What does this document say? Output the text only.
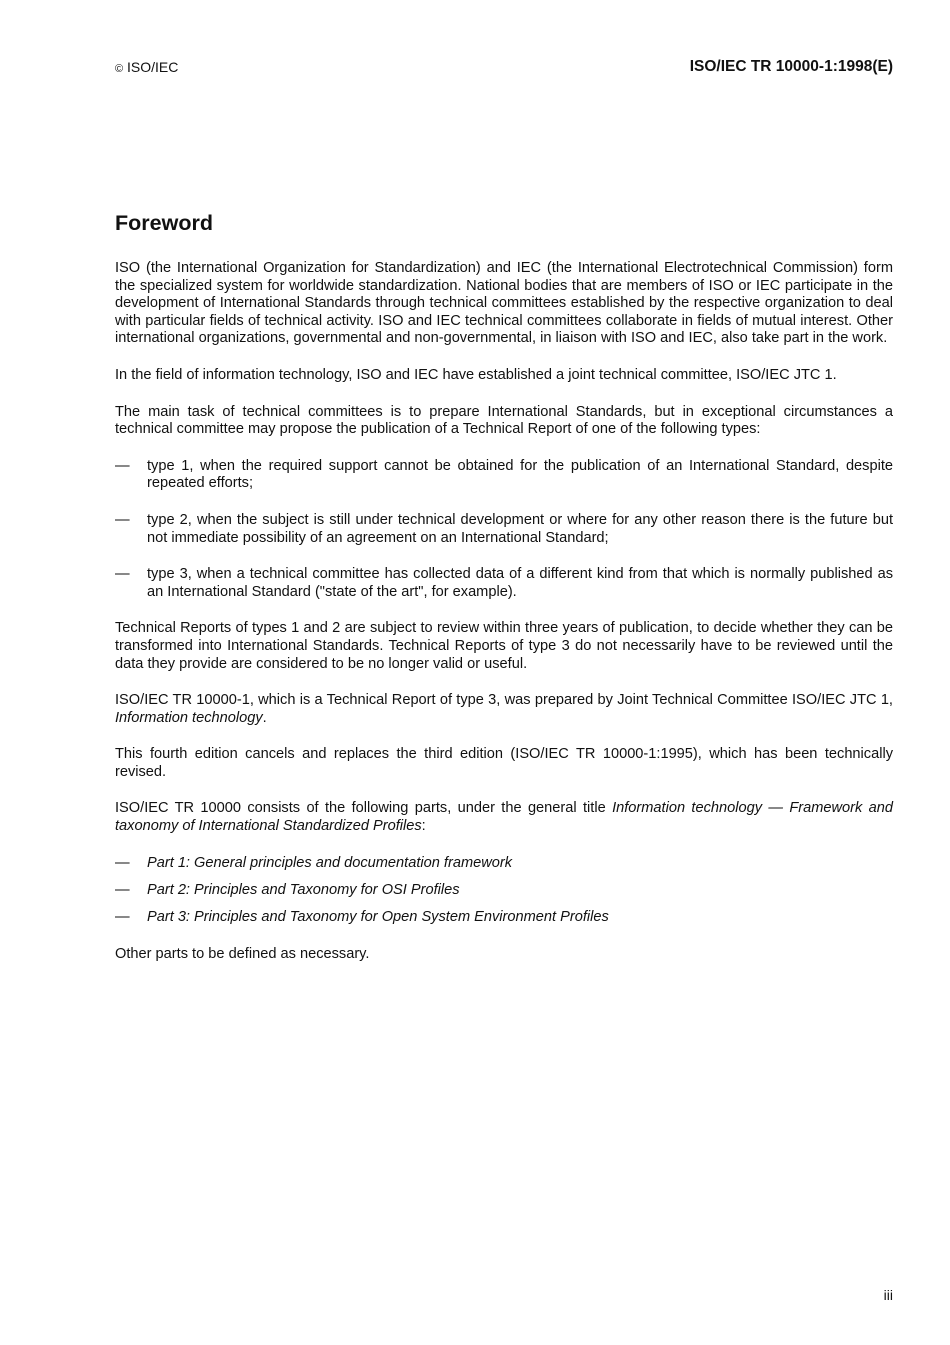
© ISO/IEC	ISO/IEC TR 10000-1:1998(E)
Foreword

ISO (the International Organization for Standardization) and IEC (the International Electrotechnical Commission) form the specialized system for worldwide standardization. National bodies that are members of ISO or IEC participate in the development of International Standards through technical committees established by the respective organization to deal with particular fields of technical activity. ISO and IEC technical committees collaborate in fields of mutual interest. Other international organizations, governmental and non-governmental, in liaison with ISO and IEC, also take part in the work.

In the field of information technology, ISO and IEC have established a joint technical committee, ISO/IEC JTC 1.

The main task of technical committees is to prepare International Standards, but in exceptional circumstances a technical committee may propose the publication of a Technical Report of one of the following types:

—	type 1, when the required support cannot be obtained for the publication of an International Standard, despite repeated efforts;
—	type 2, when the subject is still under technical development or where for any other reason there is the future but not immediate possibility of an agreement on an International Standard;
—	type 3, when a technical committee has collected data of a different kind from that which is normally published as an International Standard ("state of the art", for example).

Technical Reports of types 1 and 2 are subject to review within three years of publication, to decide whether they can be transformed into International Standards. Technical Reports of type 3 do not necessarily have to be reviewed until the data they provide are considered to be no longer valid or useful.

ISO/IEC TR 10000-1, which is a Technical Report of type 3, was prepared by Joint Technical Committee ISO/IEC JTC 1, Information technology.

This fourth edition cancels and replaces the third edition (ISO/IEC TR 10000-1:1995), which has been technically revised.

ISO/IEC TR 10000 consists of the following parts, under the general title Information technology — Framework and taxonomy of International Standardized Profiles:

—	Part 1: General principles and documentation framework
—	Part 2: Principles and Taxonomy for OSI Profiles
—	Part 3: Principles and Taxonomy for Open System Environment Profiles

Other parts to be defined as necessary.

iii
